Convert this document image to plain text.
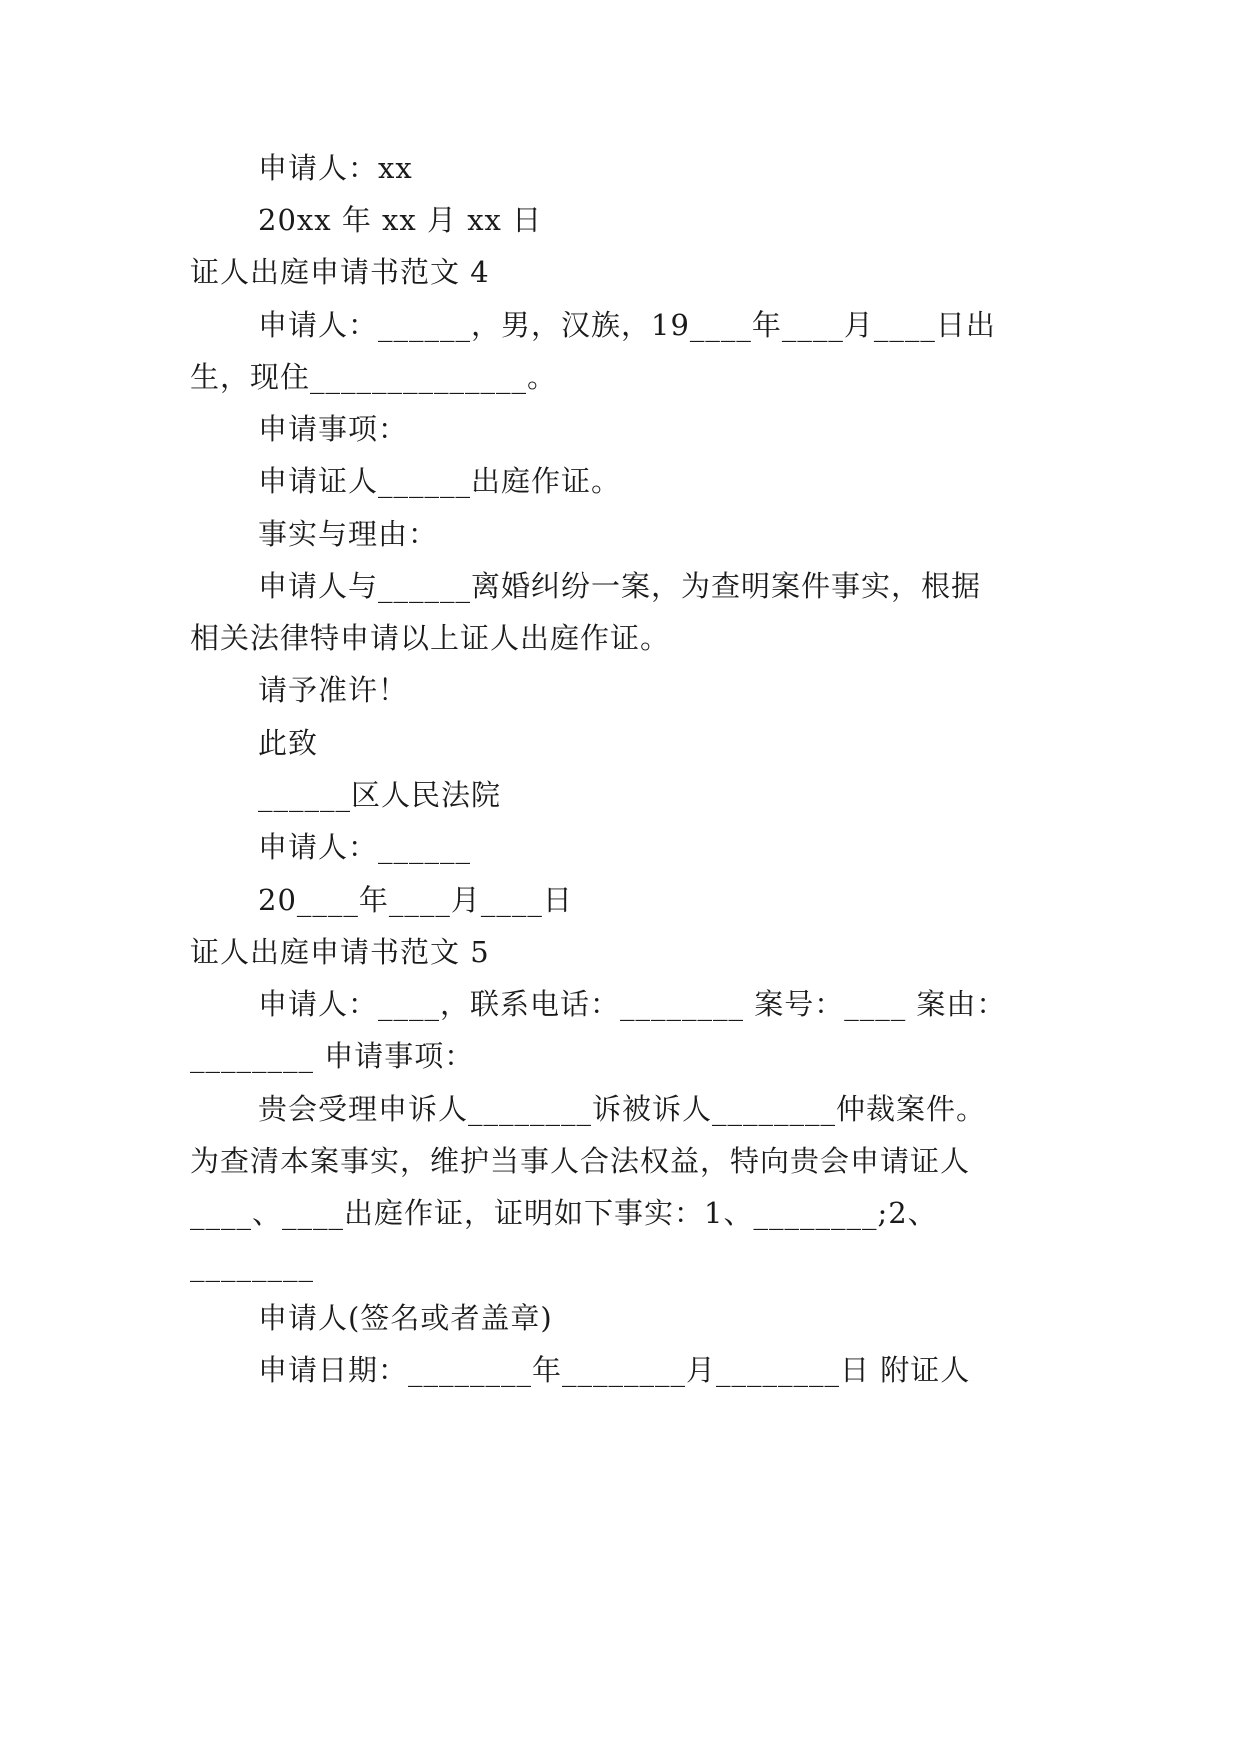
申请人：xx
20xx 年 xx 月 xx 日
证人出庭申请书范文 4
申请人：______，男，汉族，19____年____月____日出
生，现住______________。
申请事项：
申请证人______出庭作证。
事实与理由：
申请人与______离婚纠纷一案，为查明案件事实，根据
相关法律特申请以上证人出庭作证。
请予准许！
此致
______区人民法院
申请人：______
20____年____月____日
证人出庭申请书范文 5
申请人：____，联系电话：________ 案号：____ 案由：
________ 申请事项：
贵会受理申诉人________诉被诉人________仲裁案件。
为查清本案事实，维护当事人合法权益，特向贵会申请证人
____、____出庭作证，证明如下事实：1、________;2、
________
申请人(签名或者盖章)
申请日期：________年________月________日 附证人
